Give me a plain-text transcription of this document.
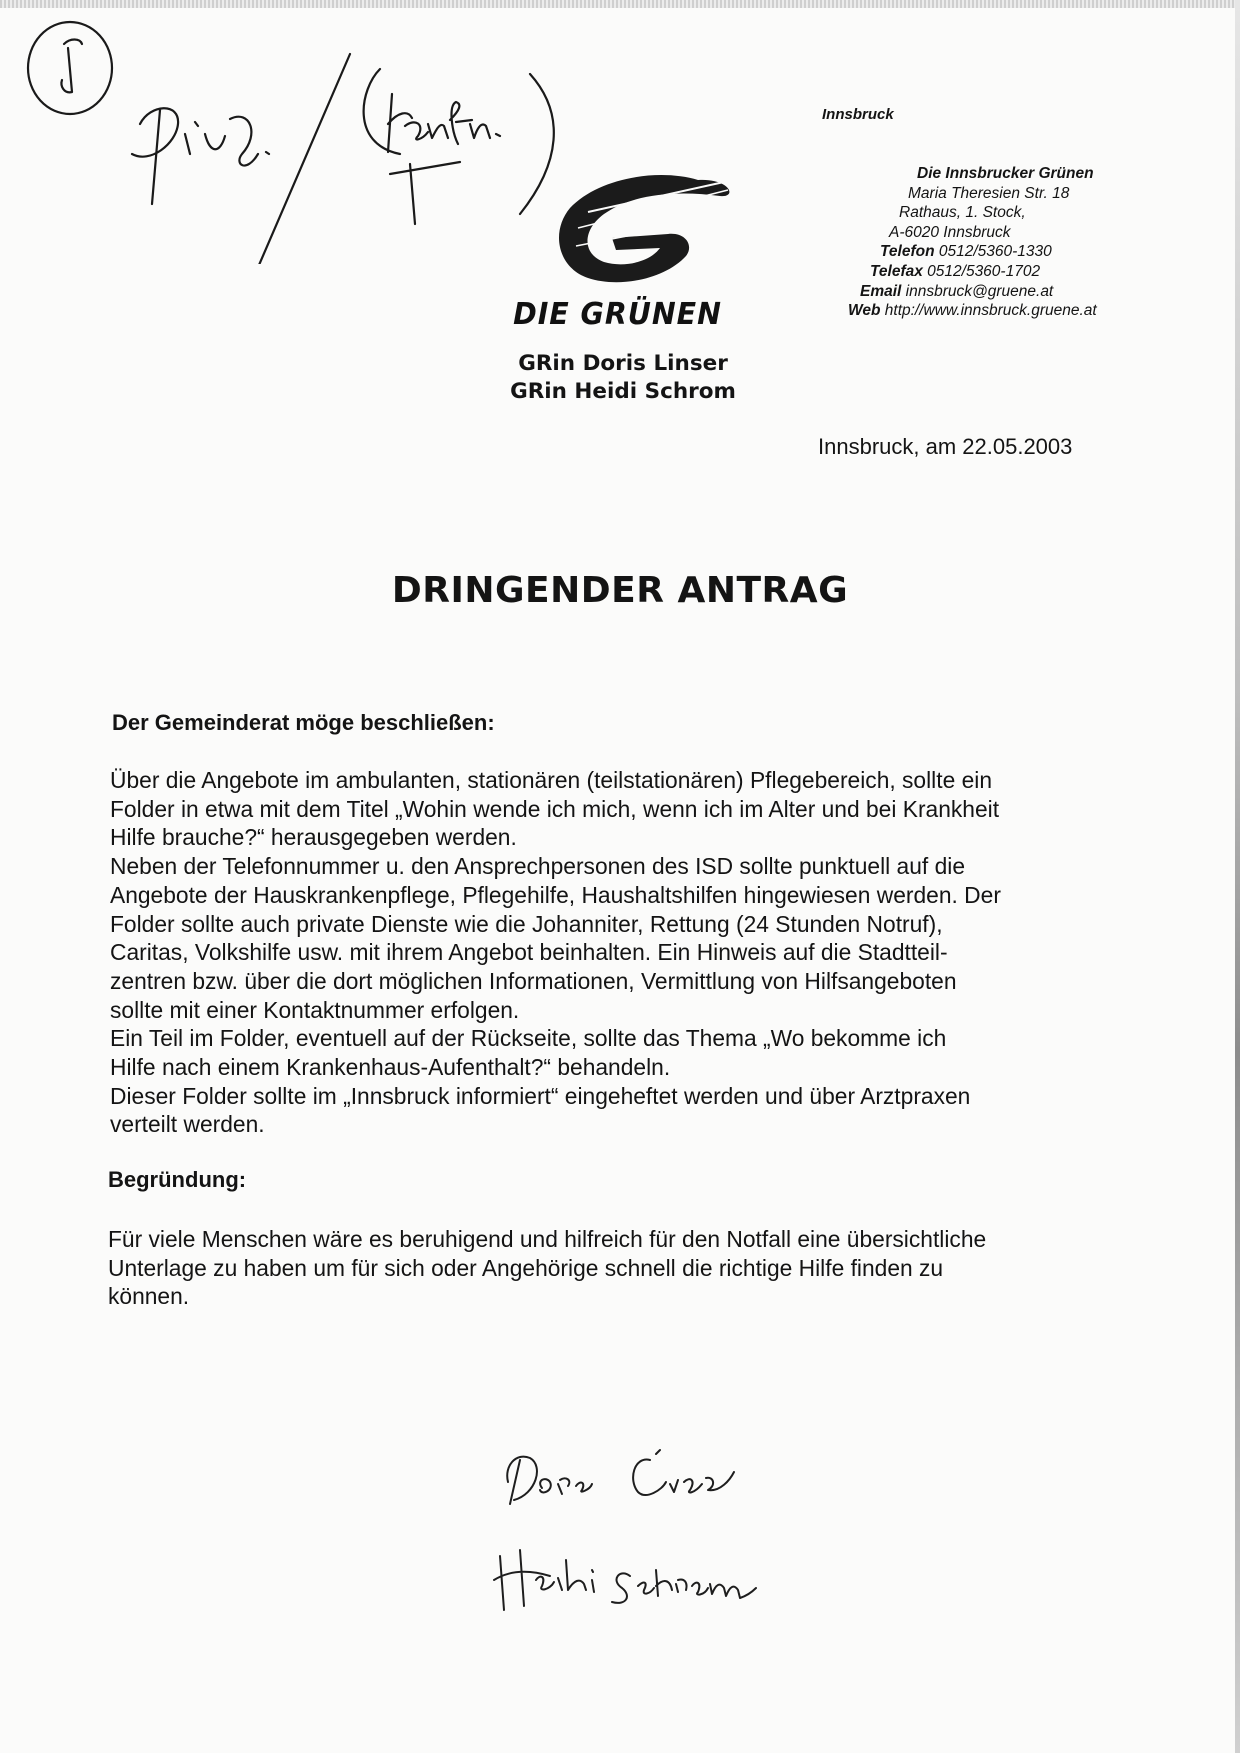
Innsbruck
Die Innsbrucker Grünen
Maria Theresien Str. 18
Rathaus, 1. Stock,
A-6020 Innsbruck
Telefon 0512/5360-1330
Telefax 0512/5360-1702
Email innsbruck@gruene.at
Web http://www.innsbruck.gruene.at
DIE GRÜNEN
GRin Doris Linser
GRin Heidi Schrom
Innsbruck, am 22.05.2003
DRINGENDER ANTRAG
Der Gemeinderat möge beschließen:
Über die Angebote im ambulanten, stationären (teilstationären) Pflegebereich, sollte ein
Folder in etwa mit dem Titel „Wohin wende ich mich, wenn ich im Alter und bei Krankheit
Hilfe brauche?“ herausgegeben werden.
Neben der Telefonnummer u. den Ansprechpersonen des ISD sollte punktuell auf die
Angebote der Hauskrankenpflege, Pflegehilfe, Haushaltshilfen hingewiesen werden. Der
Folder sollte auch private Dienste wie die Johanniter, Rettung (24 Stunden Notruf),
Caritas, Volkshilfe usw. mit ihrem Angebot beinhalten. Ein Hinweis auf die Stadtteil-
zentren bzw. über die dort möglichen Informationen, Vermittlung von Hilfsangeboten
sollte mit einer Kontaktnummer erfolgen.
Ein Teil im Folder, eventuell auf der Rückseite, sollte das Thema „Wo bekomme ich
Hilfe nach einem Krankenhaus-Aufenthalt?“ behandeln.
Dieser Folder sollte im „Innsbruck informiert“ eingeheftet werden und über Arztpraxen
verteilt werden.
Begründung:
Für viele Menschen wäre es beruhigend und hilfreich für den Notfall eine übersichtliche
Unterlage zu haben um für sich oder Angehörige schnell die richtige Hilfe finden zu
können.
